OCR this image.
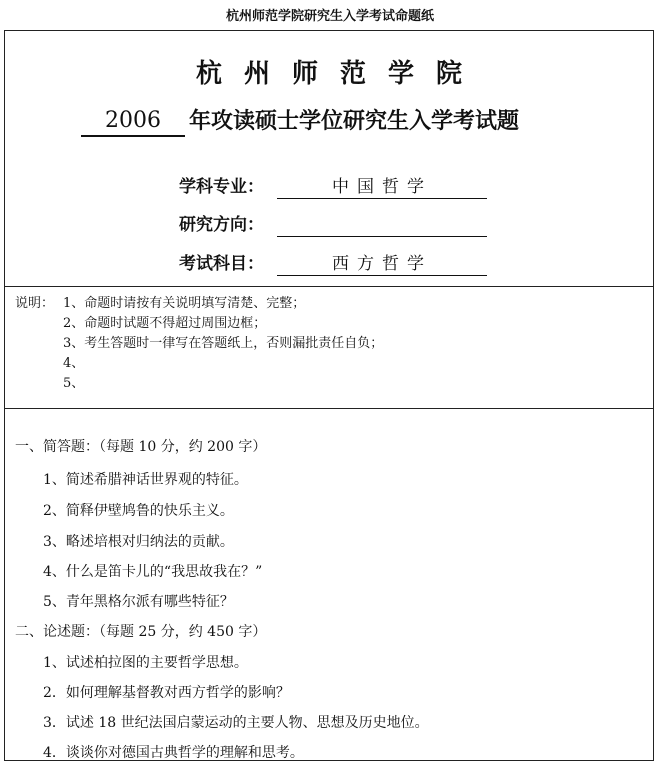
杭州师范学院研究生入学考试命题纸
杭州师范学院
2006	年攻读硕士学位研究生入学考试题
学科专业：	中国哲学
研究方向：
考试科目：	西方哲学
说明： 1、命题时请按有关说明填写清楚、完整；
2、命题时试题不得超过周围边框；
3、考生答题时一律写在答题纸上，否则漏批责任自负；
4、
5、
一、简答题：（每题 10 分，约 200 字）
1、简述希腊神话世界观的特征。
2、简释伊壁鸠鲁的快乐主义。
3、略述培根对归纳法的贡献。
4、什么是笛卡儿的“我思故我在？”
5、青年黑格尔派有哪些特征？
二、论述题：（每题 25 分，约 450 字）
1、试述柏拉图的主要哲学思想。
2．如何理解基督教对西方哲学的影响？
3．试述 18 世纪法国启蒙运动的主要人物、思想及历史地位。
4．谈谈你对德国古典哲学的理解和思考。
